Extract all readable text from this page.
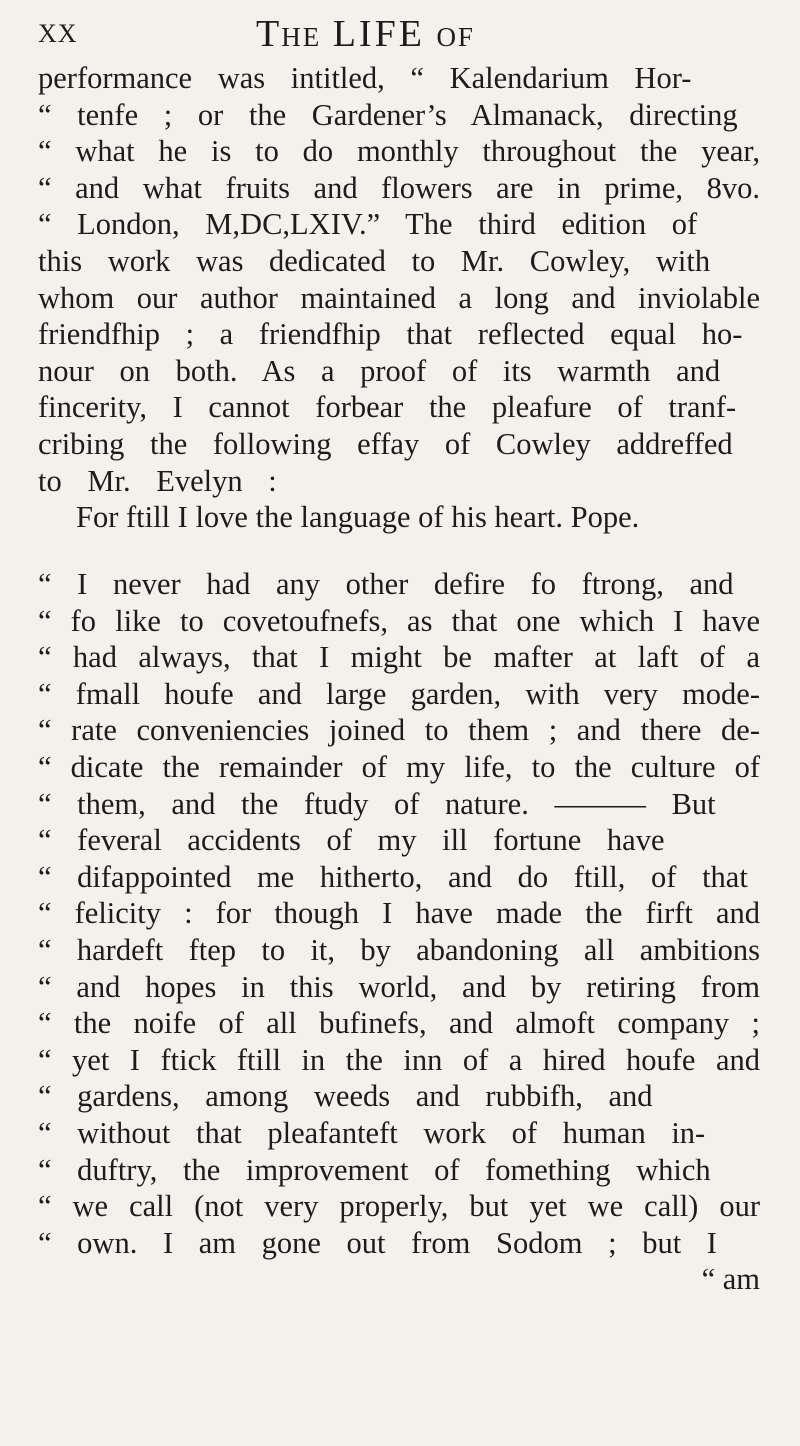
XX	THE LIFE OF
performance was intitled, “ Kalendarium Hor-
“ tenfe ; or the Gardener’s Almanack, directing
“ what he is to do monthly throughout the year,
“ and what fruits and flowers are in prime, 8vo.
“ London, M,DC,LXIV.” The third edition of
this work was dedicated to Mr. Cowley, with
whom our author maintained a long and inviolable
friendfhip ; a friendfhip that reflected equal ho-
nour on both. As a proof of its warmth and
fincerity, I cannot forbear the pleafure of tranf-
cribing the following effay of Cowley addreffed
to Mr. Evelyn :
For ftill I love the language of his heart. Pope.
“ I never had any other defire fo ftrong, and
“ fo like to covetoufnefs, as that one which I have
“ had always, that I might be mafter at laft of a
“ fmall houfe and large garden, with very mode-
“ rate conveniencies joined to them ; and there de-
“ dicate the remainder of my life, to the culture of
“ them, and the ftudy of nature. ——— But
“ feveral accidents of my ill fortune have
“ difappointed me hitherto, and do ftill, of that
“ felicity : for though I have made the firft and
“ hardeft ftep to it, by abandoning all ambitions
“ and hopes in this world, and by retiring from
“ the noife of all bufinefs, and almoft company ;
“ yet I ftick ftill in the inn of a hired houfe and
“ gardens, among weeds and rubbifh, and
“ without that pleafanteft work of human in-
“ duftry, the improvement of fomething which
“ we call (not very properly, but yet we call) our
“ own. I am gone out from Sodom ; but I
“ am
